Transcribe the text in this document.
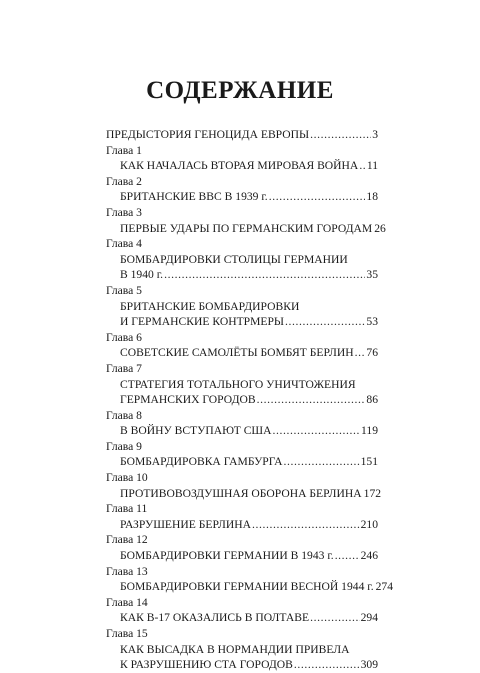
СОДЕРЖАНИЕ
ПРЕДЫСТОРИЯ ГЕНОЦИДА ЕВРОПЫ .....	3
Глава 1
КАК НАЧАЛАСЬ ВТОРАЯ МИРОВАЯ ВОЙНА ..... 11
Глава 2
БРИТАНСКИЕ ВВС В 1939 г. .....	18
Глава 3
ПЕРВЫЕ УДАРЫ ПО ГЕРМАНСКИМ ГОРОДАМ 26
Глава 4
БОМБАРДИРОВКИ СТОЛИЦЫ ГЕРМАНИИ
В 1940 г. .....	35
Глава 5
БРИТАНСКИЕ БОМБАРДИРОВКИ
И ГЕРМАНСКИЕ КОНТРМЕРЫ .....	53
Глава 6
СОВЕТСКИЕ САМОЛЁТЫ БОМБЯТ БЕРЛИН ..... 76
Глава 7
СТРАТЕГИЯ ТОТАЛЬНОГО УНИЧТОЖЕНИЯ
ГЕРМАНСКИХ ГОРОДОВ .....	86
Глава 8
В ВОЙНУ ВСТУПАЮТ США .....	119
Глава 9
БОМБАРДИРОВКА ГАМБУРГА .....	151
Глава 10
ПРОТИВОВОЗДУШНАЯ ОБОРОНА БЕРЛИНА 172
Глава 11
РАЗРУШЕНИЕ БЕРЛИНА .....	210
Глава 12
БОМБАРДИРОВКИ ГЕРМАНИИ В 1943 г. ..... 246
Глава 13
БОМБАРДИРОВКИ ГЕРМАНИИ ВЕСНОЙ 1944 г. 274
Глава 14
КАК B-17 ОКАЗАЛИСЬ В ПОЛТАВЕ .....	294
Глава 15
КАК ВЫСАДКА В НОРМАНДИИ ПРИВЕЛА
К РАЗРУШЕНИЮ СТА ГОРОДОВ .....	309
